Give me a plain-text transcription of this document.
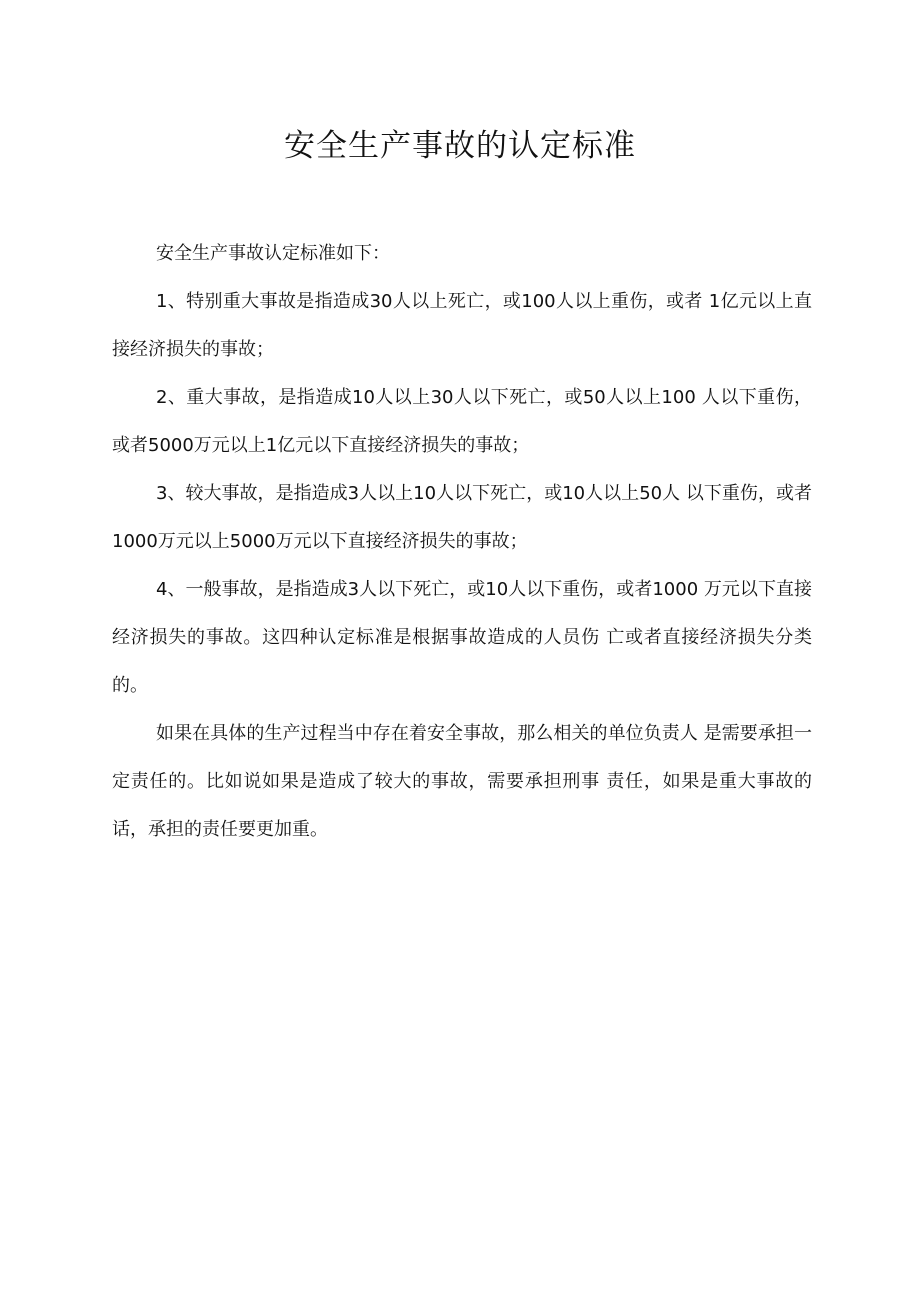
安全生产事故的认定标准

安全生产事故认定标准如下：

1、特别重大事故是指造成30人以上死亡，或100人以上重伤，或者 1亿元以上直接经济损失的事故；

2、重大事故，是指造成10人以上30人以下死亡，或50人以上100 人以下重伤，或者5000万元以上1亿元以下直接经济损失的事故；

3、较大事故，是指造成3人以上10人以下死亡，或10人以上50人 以下重伤，或者1000万元以上5000万元以下直接经济损失的事故；

4、一般事故，是指造成3人以下死亡，或10人以下重伤，或者1000 万元以下直接经济损失的事故。这四种认定标准是根据事故造成的人员伤 亡或者直接经济损失分类的。

如果在具体的生产过程当中存在着安全事故，那么相关的单位负责人 是需要承担一定责任的。比如说如果是造成了较大的事故，需要承担刑事 责任，如果是重大事故的话，承担的责任要更加重。
